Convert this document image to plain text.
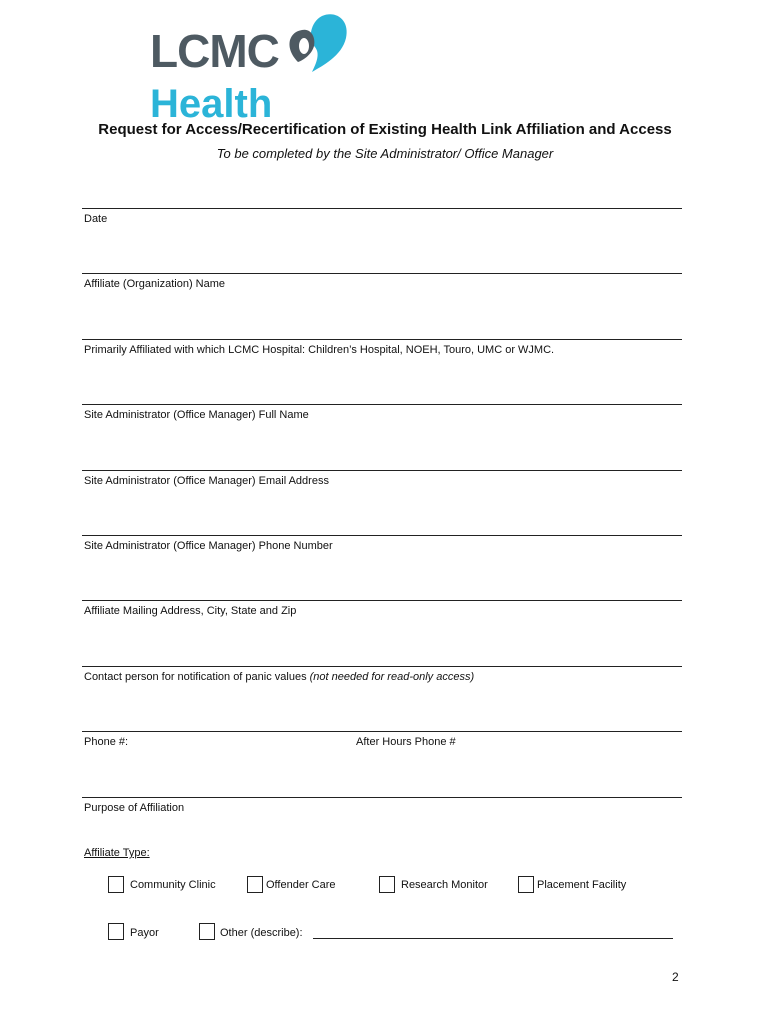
LCMC
Health
Request for Access/Recertification of Existing Health Link Affiliation and Access
To be completed by the Site Administrator/ Office Manager
Date
Affiliate (Organization) Name
Primarily Affiliated with which LCMC Hospital: Children’s Hospital, NOEH, Touro, UMC or WJMC.
Site Administrator (Office Manager) Full Name
Site Administrator (Office Manager) Email Address
Site Administrator (Office Manager) Phone Number
Affiliate Mailing Address, City, State and Zip
Contact person for notification of panic values (not needed for read-only access)
Phone #:	After Hours Phone #
Purpose of Affiliation
Affiliate Type:
Community Clinic	Offender Care	Research Monitor	Placement Facility
Payor	Other (describe):
2
